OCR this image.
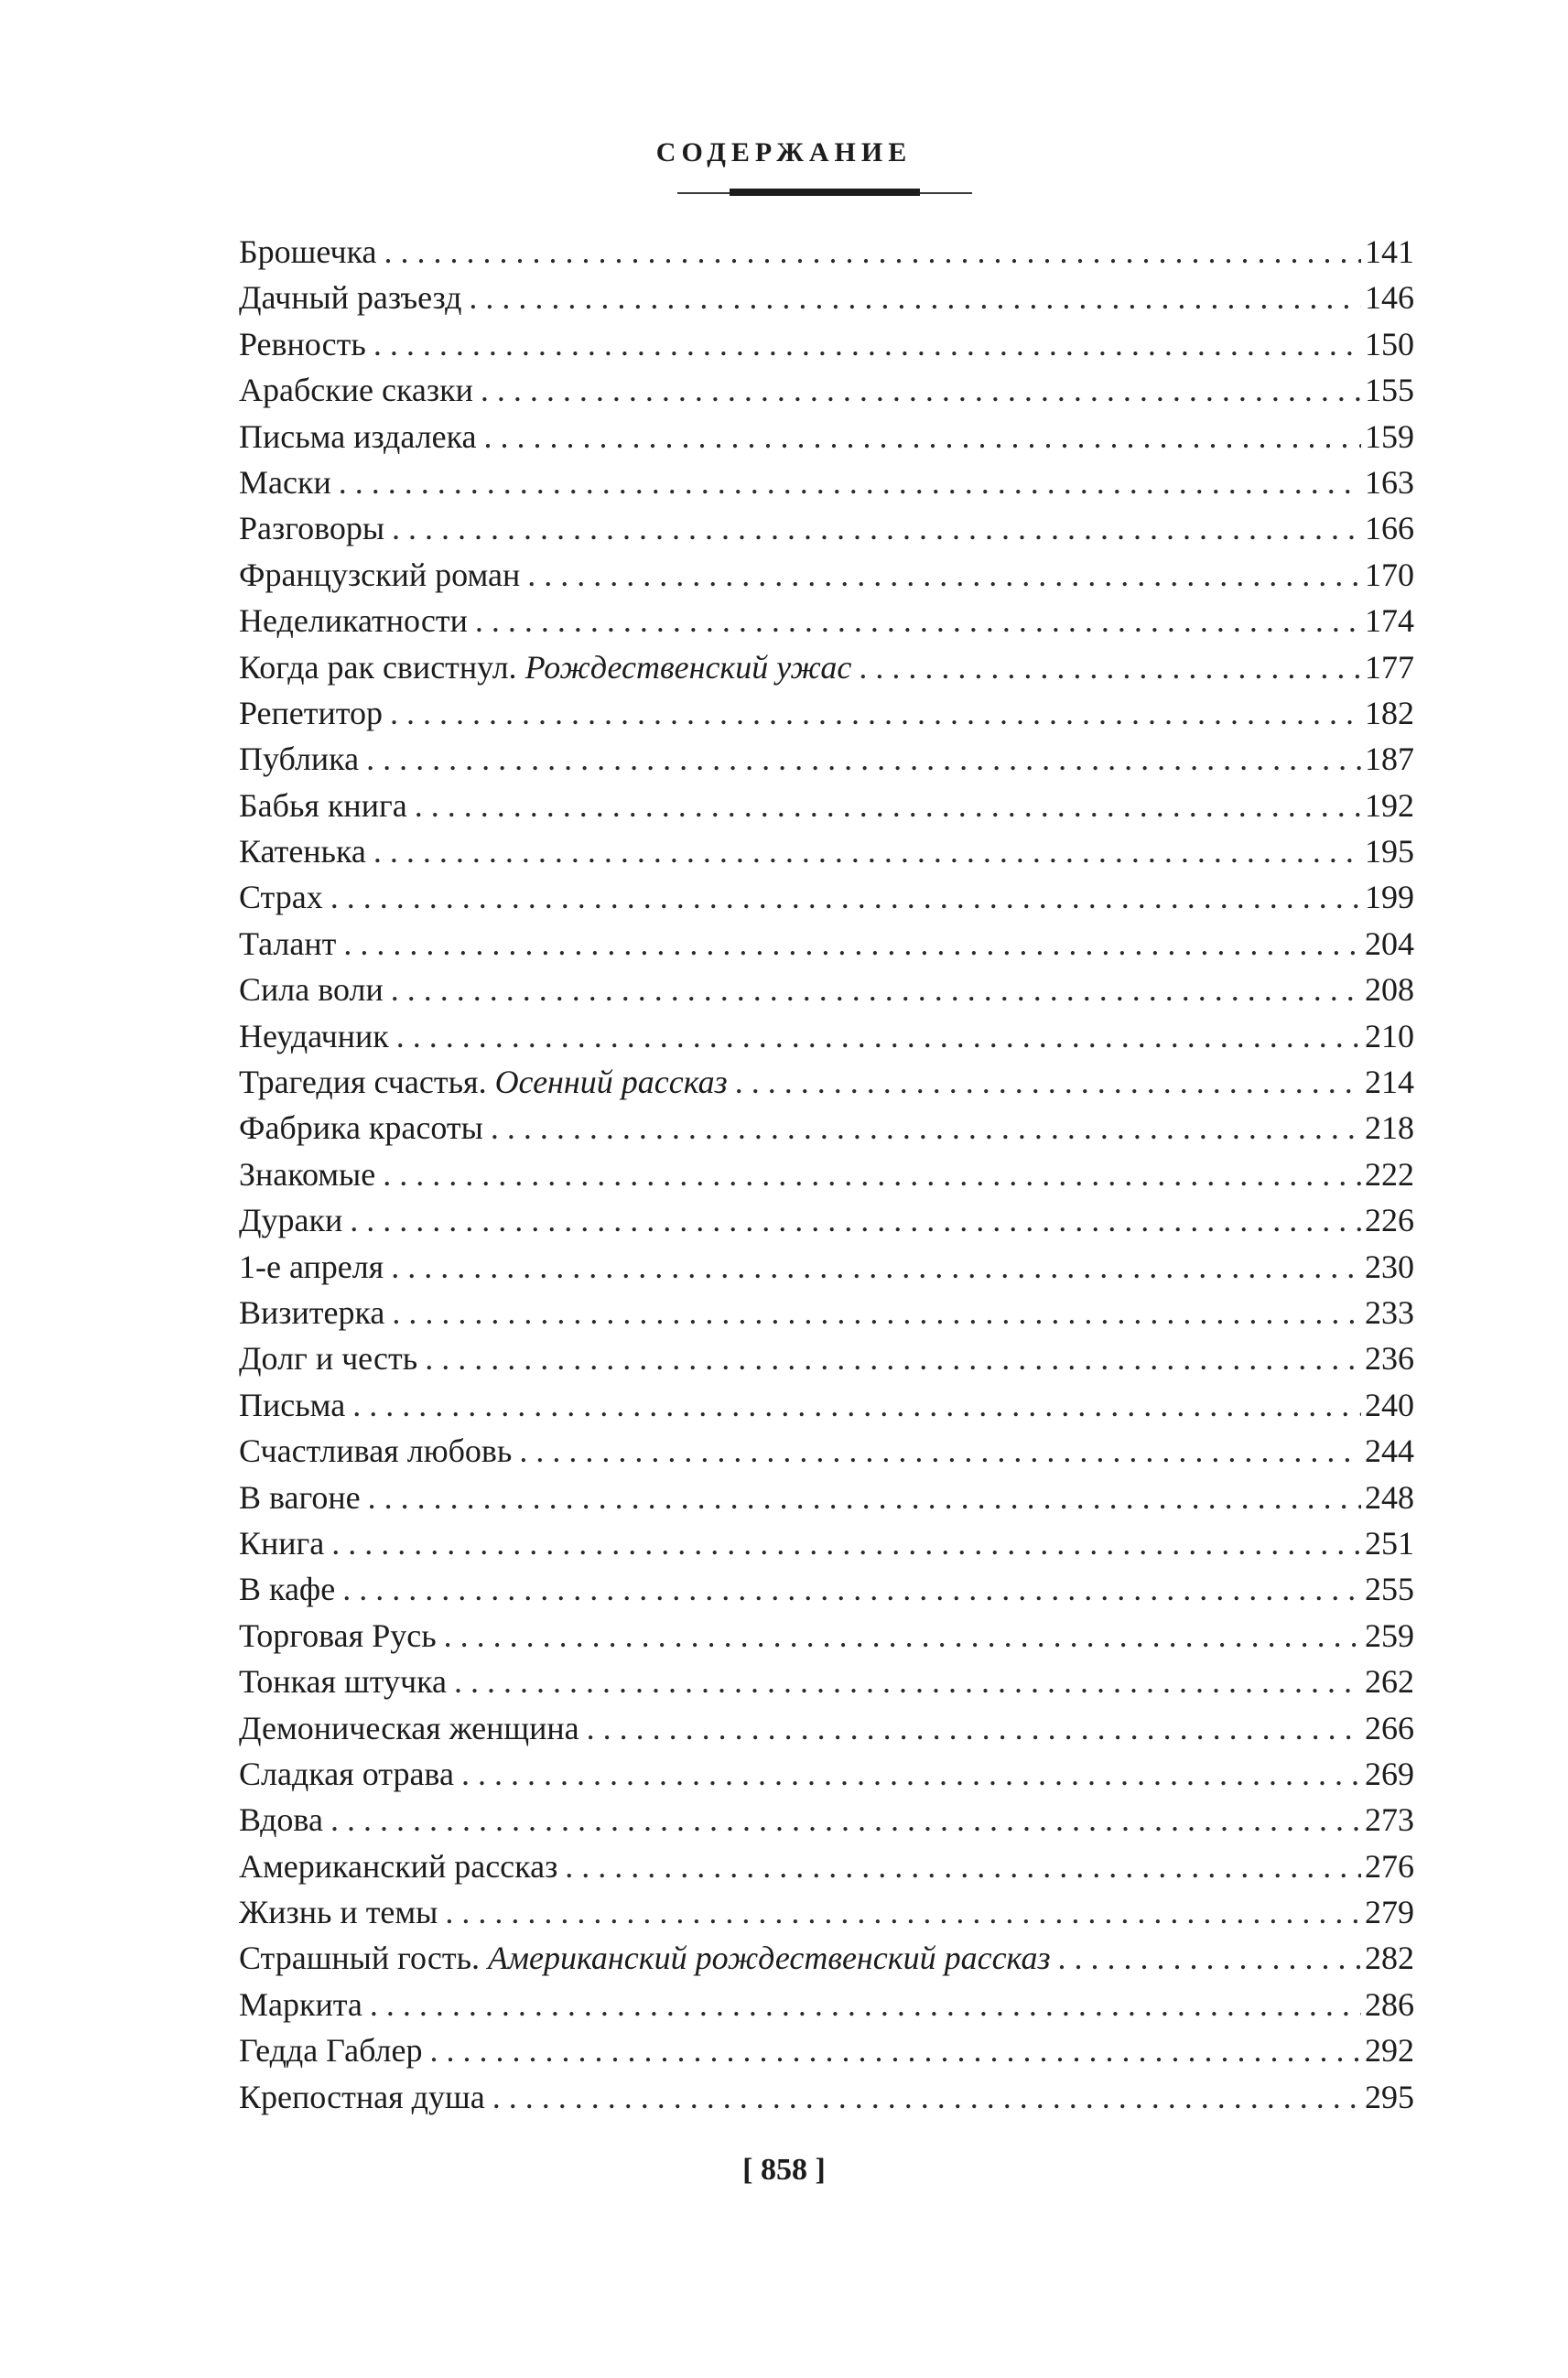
СОДЕРЖАНИЕ
Брошечка . . .	141
Дачный разъезд . . .	146
Ревность . . .	150
Арабские сказки . . .	155
Письма издалека . . .	159
Маски . . .	163
Разговоры . . .	166
Французский роман . . .	170
Неделикатности . . .	174
Когда рак свистнул. Рождественский ужас . . .	177
Репетитор . . .	182
Публика . . .	187
Бабья книга . . .	192
Катенька . . .	195
Страх . . .	199
Талант . . .	204
Сила воли . . .	208
Неудачник . . .	210
Трагедия счастья. Осенний рассказ . . .	214
Фабрика красоты . . .	218
Знакомые . . .	222
Дураки . . .	226
1-е апреля . . .	230
Визитерка . . .	233
Долг и честь . . .	236
Письма . . .	240
Счастливая любовь . . .	244
В вагоне . . .	248
Книга . . .	251
В кафе . . .	255
Торговая Русь . . .	259
Тонкая штучка . . .	262
Демоническая женщина . . .	266
Сладкая отрава . . .	269
Вдова . . .	273
Американский рассказ . . .	276
Жизнь и темы . . .	279
Страшный гость. Американский рождественский рассказ . . .	282
Маркита . . .	286
Гедда Габлер . . .	292
Крепостная душа . . .	295
[ 858 ]
